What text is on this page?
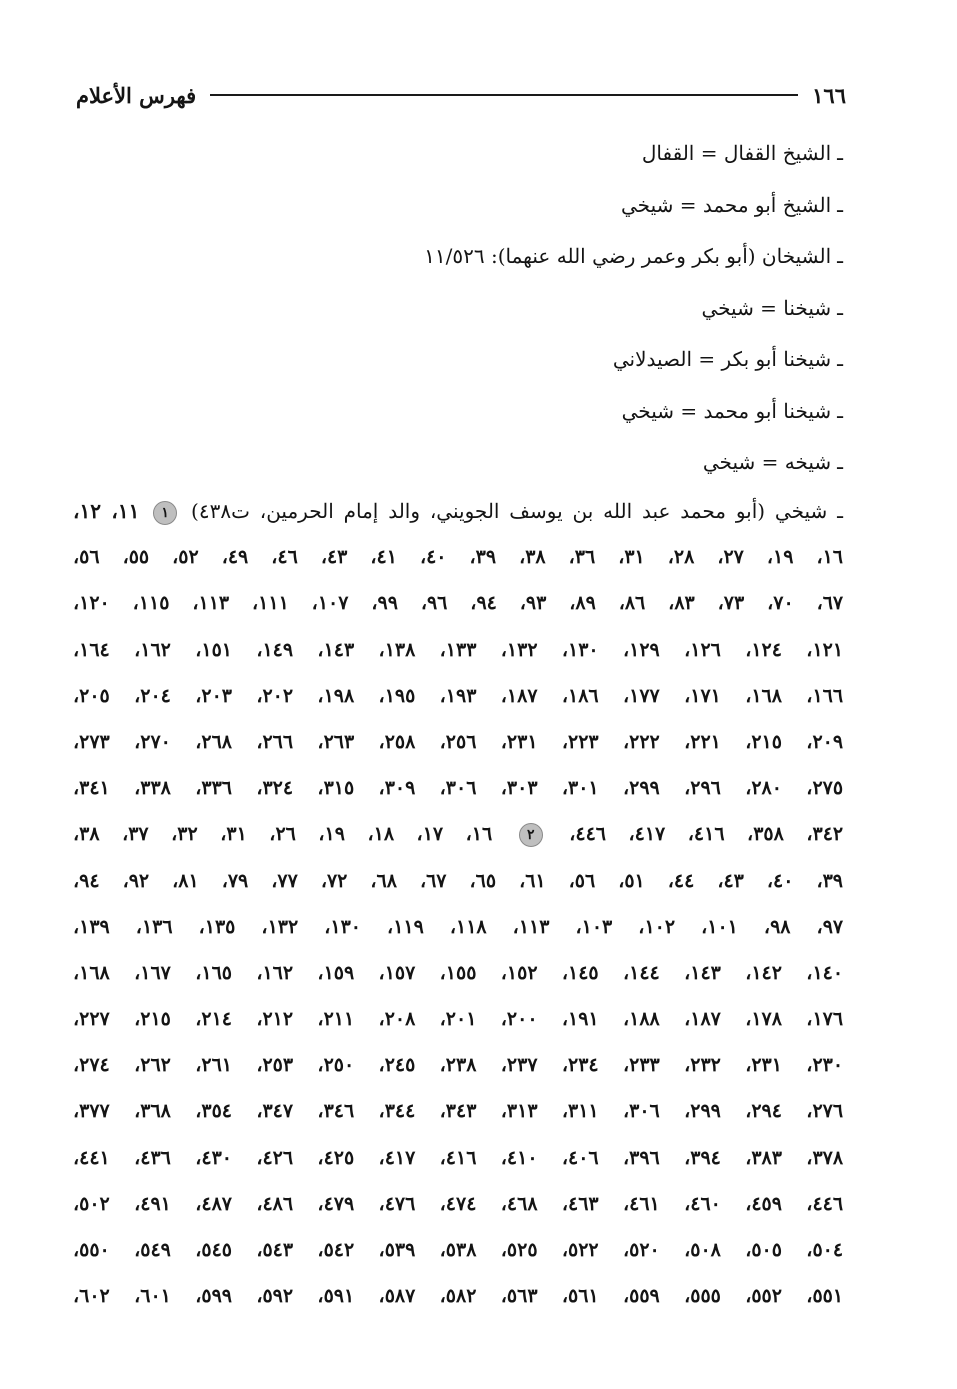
١٦٦
فهرس الأعلام
ـالشيخ القفال = القفال
ـالشيخ أبو محمد = شيخي
ـالشيخان (أبو بكر وعمر رضي الله عنهما): ١١/٥٢٦
ـشيخنا = شيخي
ـشيخنا أبو بكر = الصيدلاني
ـشيخنا أبو محمد = شيخي
ـشيخه = شيخي
ـ شيخي (أبو محمد عبد الله بن يوسف الجويني، والد إمام الحرمين، ت٤٣٨) ١ ١١، ١٢،
١٦، ١٩، ٢٧، ٢٨، ٣١، ٣٦، ٣٨، ٣٩، ٤٠، ٤١، ٤٣، ٤٦، ٤٩، ٥٢، ٥٥، ٥٦،
٦٧، ٧٠، ٧٣، ٨٣، ٨٦، ٨٩، ٩٣، ٩٤، ٩٦، ٩٩، ١٠٧، ١١١، ١١٣، ١١٥، ١٢٠،
١٢١، ١٢٤، ١٢٦، ١٢٩، ١٣٠، ١٣٢، ١٣٣، ١٣٨، ١٤٣، ١٤٩، ١٥١، ١٦٢، ١٦٤،
١٦٦، ١٦٨، ١٧١، ١٧٧، ١٨٦، ١٨٧، ١٩٣، ١٩٥، ١٩٨، ٢٠٢، ٢٠٣، ٢٠٤، ٢٠٥،
٢٠٩، ٢١٥، ٢٢١، ٢٢٢، ٢٢٣، ٢٣١، ٢٥٦، ٢٥٨، ٢٦٣، ٢٦٦، ٢٦٨، ٢٧٠، ٢٧٣،
٢٧٥، ٢٨٠، ٢٩٦، ٢٩٩، ٣٠١، ٣٠٣، ٣٠٦، ٣٠٩، ٣١٥، ٣٢٤، ٣٣٦، ٣٣٨، ٣٤١،
٣٤٢، ٣٥٨، ٤١٦، ٤١٧، ٤٤٦، ٢ ١٦، ١٧، ١٨، ١٩، ٢٦، ٣١، ٣٢، ٣٧، ٣٨،
٣٩، ٤٠، ٤٣، ٤٤، ٥١، ٥٦، ٦١، ٦٥، ٦٧، ٦٨، ٧٢، ٧٧، ٧٩، ٨١، ٩٢، ٩٤،
٩٧، ٩٨، ١٠١، ١٠٢، ١٠٣، ١١٣، ١١٨، ١١٩، ١٣٠، ١٣٢، ١٣٥، ١٣٦، ١٣٩،
١٤٠، ١٤٢، ١٤٣، ١٤٤، ١٤٥، ١٥٢، ١٥٥، ١٥٧، ١٥٩، ١٦٢، ١٦٥، ١٦٧، ١٦٨،
١٧٦، ١٧٨، ١٨٧، ١٨٨، ١٩١، ٢٠٠، ٢٠١، ٢٠٨، ٢١١، ٢١٢، ٢١٤، ٢١٥، ٢٢٧،
٢٣٠، ٢٣١، ٢٣٢، ٢٣٣، ٢٣٤، ٢٣٧، ٢٣٨، ٢٤٥، ٢٥٠، ٢٥٣، ٢٦١، ٢٦٢، ٢٧٤،
٢٧٦، ٢٩٤، ٢٩٩، ٣٠٦، ٣١١، ٣١٣، ٣٤٣، ٣٤٤، ٣٤٦، ٣٤٧، ٣٥٤، ٣٦٨، ٣٧٧،
٣٧٨، ٣٨٣، ٣٩٤، ٣٩٦، ٤٠٦، ٤١٠، ٤١٦، ٤١٧، ٤٢٥، ٤٢٦، ٤٣٠، ٤٣٦، ٤٤١،
٤٤٦، ٤٥٩، ٤٦٠، ٤٦١، ٤٦٣، ٤٦٨، ٤٧٤، ٤٧٦، ٤٧٩، ٤٨٦، ٤٨٧، ٤٩١، ٥٠٢،
٥٠٤، ٥٠٥، ٥٠٨، ٥٢٠، ٥٢٢، ٥٢٥، ٥٣٨، ٥٣٩، ٥٤٢، ٥٤٣، ٥٤٥، ٥٤٩، ٥٥٠،
٥٥١، ٥٥٢، ٥٥٥، ٥٥٩، ٥٦١، ٥٦٣، ٥٨٢، ٥٨٧، ٥٩١، ٥٩٢، ٥٩٩، ٦٠١، ٦٠٢،
